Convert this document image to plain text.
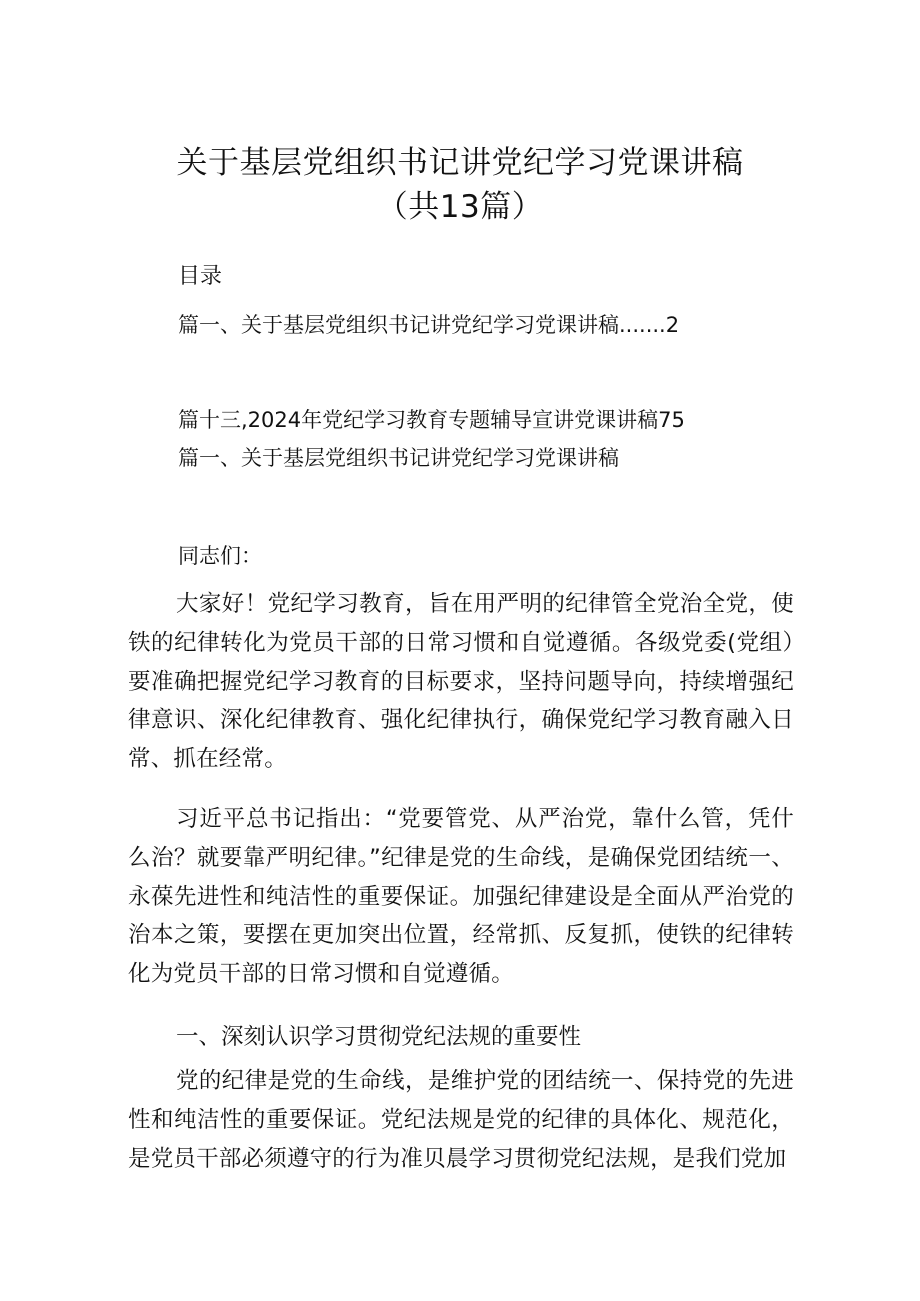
关于基层党组织书记讲党纪学习党课讲稿
（共13篇）
目录
篇一、关于基层党组织书记讲党纪学习党课讲稿.......2
篇十三,2024年党纪学习教育专题辅导宣讲党课讲稿75
篇一、关于基层党组织书记讲党纪学习党课讲稿
同志们：
大家好！党纪学习教育，旨在用严明的纪律管全党治全党，使铁的纪律转化为党员干部的日常习惯和自觉遵循。各级党委(党组）要准确把握党纪学习教育的目标要求，坚持问题导向，持续增强纪律意识、深化纪律教育、强化纪律执行，确保党纪学习教育融入日常、抓在经常。
习近平总书记指出：“党要管党、从严治党，靠什么管，凭什么治？就要靠严明纪律。”纪律是党的生命线，是确保党团结统一、永葆先进性和纯洁性的重要保证。加强纪律建设是全面从严治党的治本之策，要摆在更加突出位置，经常抓、反复抓，使铁的纪律转化为党员干部的日常习惯和自觉遵循。
一、深刻认识学习贯彻党纪法规的重要性
党的纪律是党的生命线，是维护党的团结统一、保持党的先进性和纯洁性的重要保证。党纪法规是党的纪律的具体化、规范化，是党员干部必须遵守的行为准贝晨学习贯彻党纪法规，是我们党加
